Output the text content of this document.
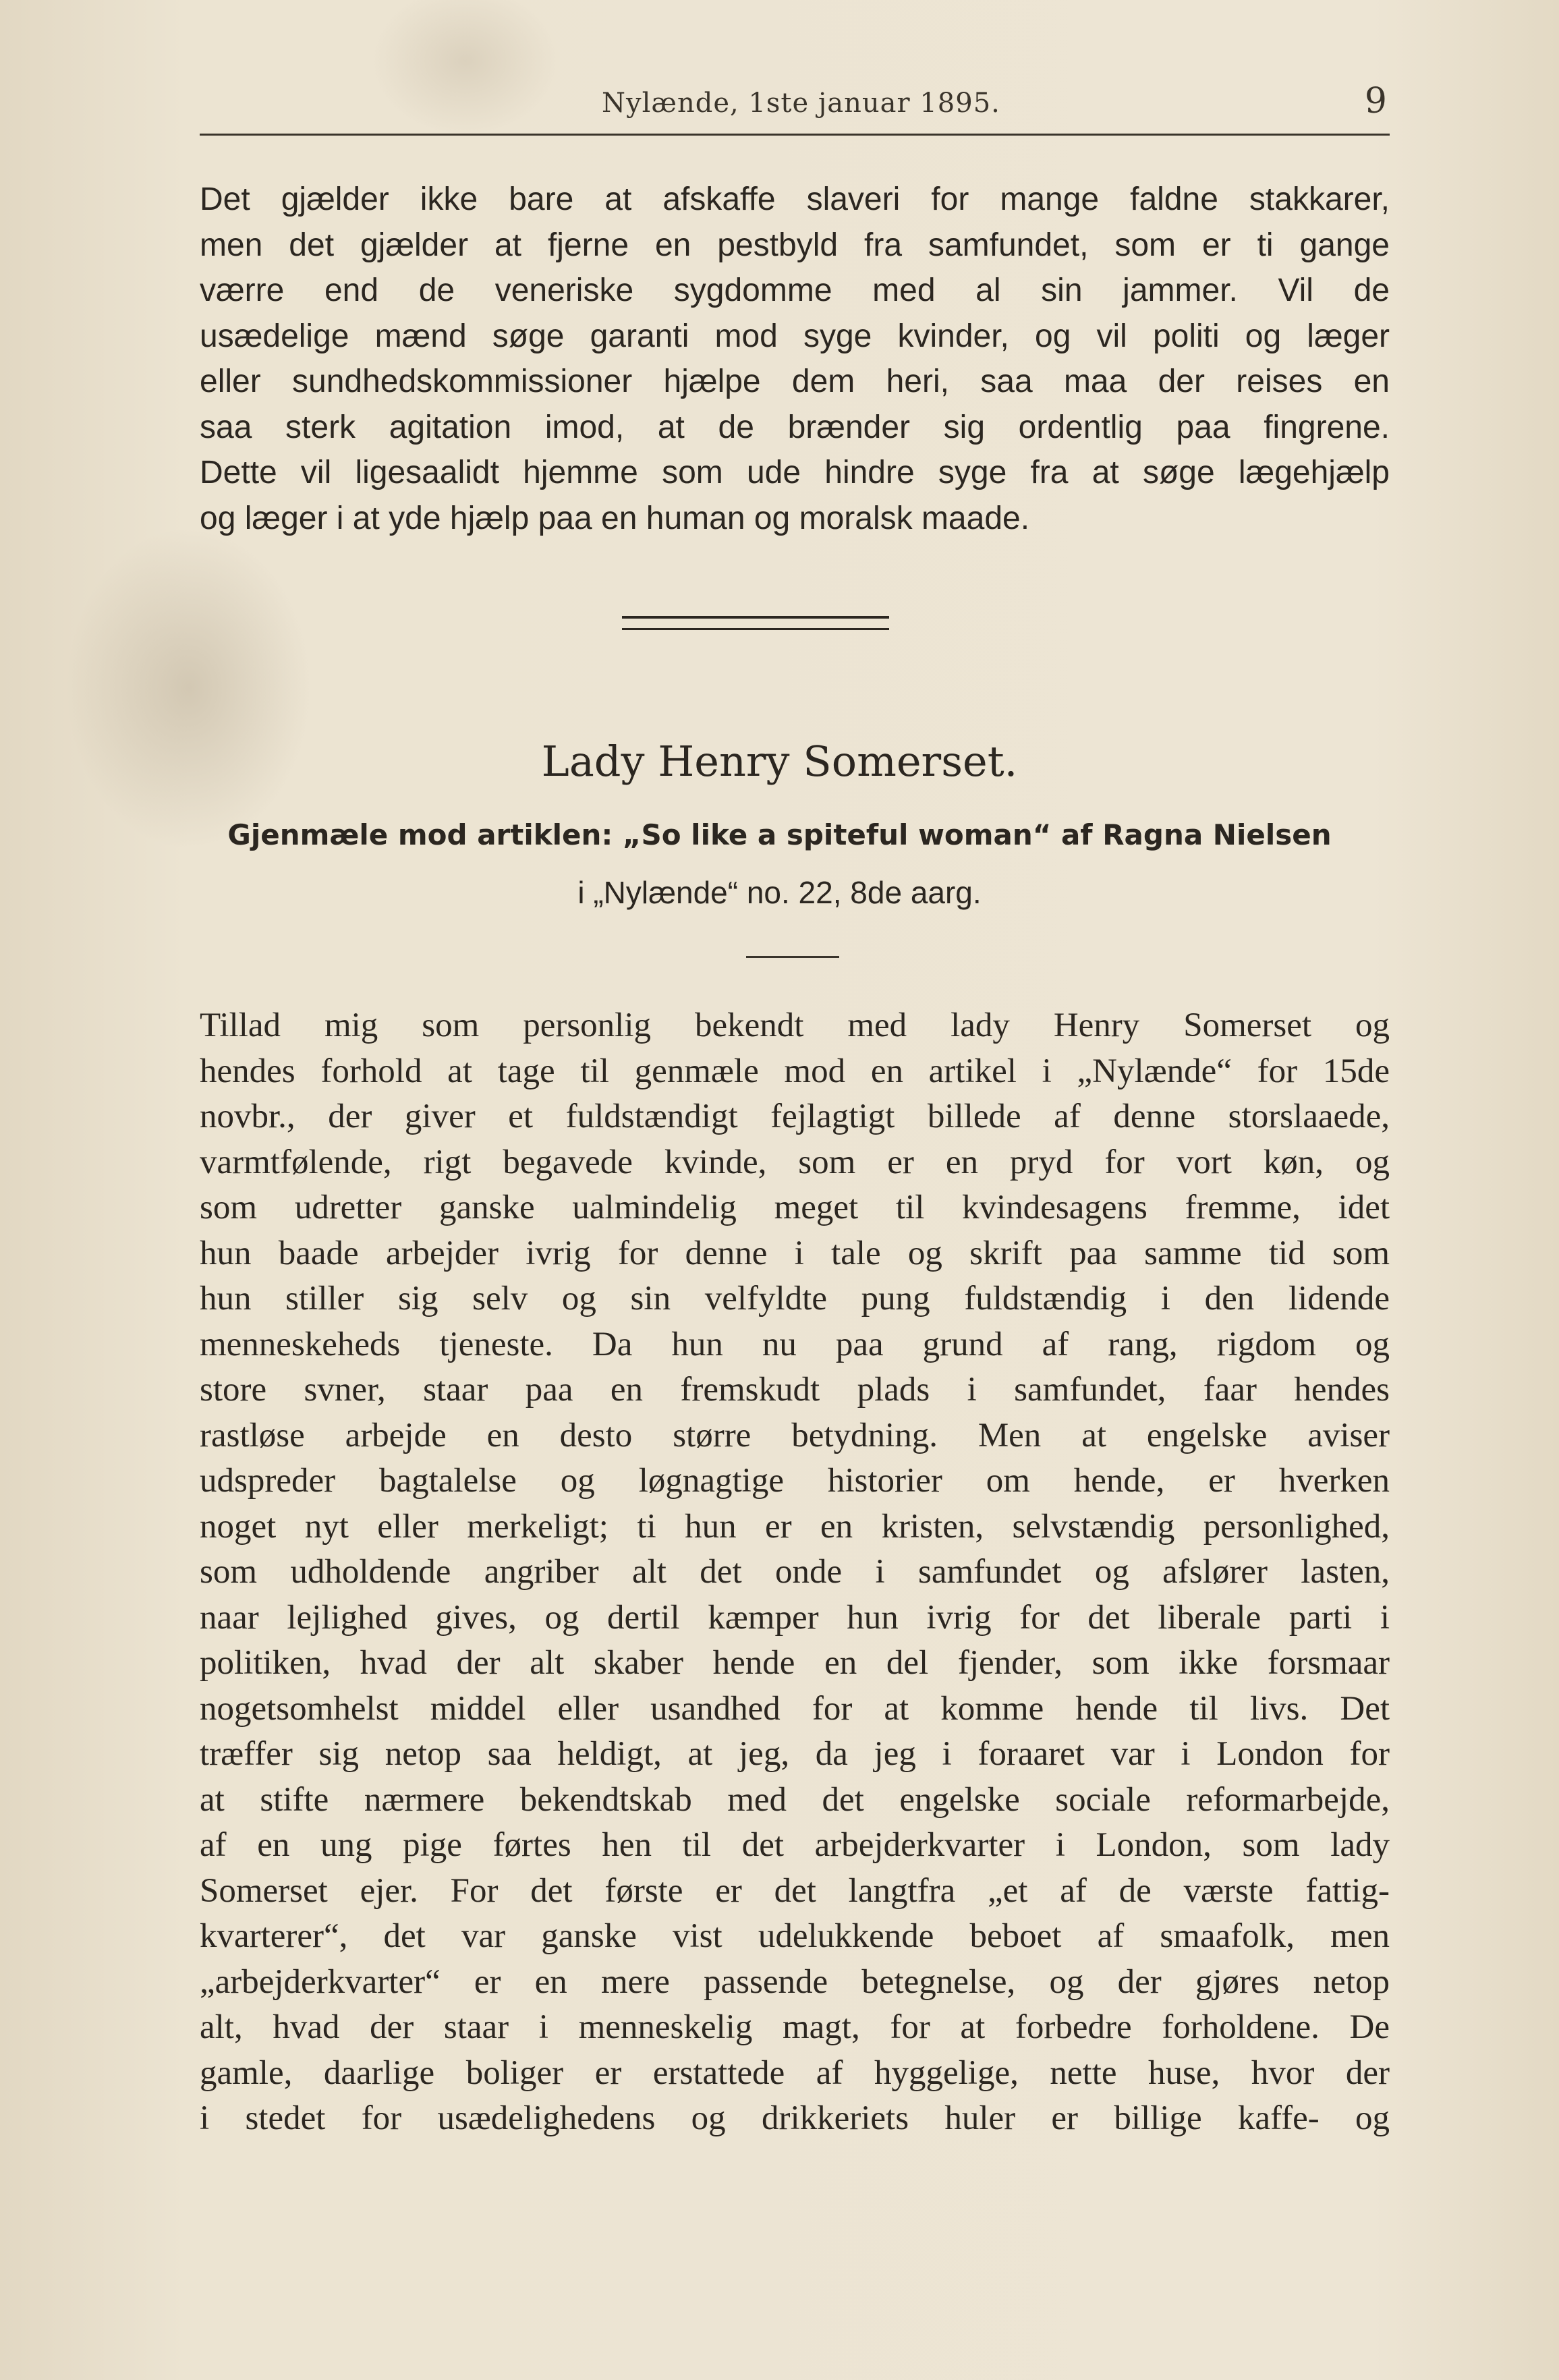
Nylænde, 1ste januar 1895.	9
Det gjælder ikke bare at afskaffe slaveri for mange faldne stakkarer,
men det gjælder at fjerne en pestbyld fra samfundet, som er ti gange
værre end de veneriske sygdomme med al sin jammer. Vil de
usædelige mænd søge garanti mod syge kvinder, og vil politi og læger
eller sundhedskommissioner hjælpe dem heri, saa maa der reises en
saa sterk agitation imod, at de brænder sig ordentlig paa fingrene.
Dette vil ligesaalidt hjemme som ude hindre syge fra at søge lægehjælp
og læger i at yde hjælp paa en human og moralsk maade.
Lady Henry Somerset.
Gjenmæle mod artiklen: „So like a spiteful woman“ af Ragna Nielsen
i „Nylænde“ no. 22, 8de aarg.
Tillad mig som personlig bekendt med lady Henry Somerset og
hendes forhold at tage til genmæle mod en artikel i „Nylænde“ for 15de
novbr., der giver et fuldstændigt fejlagtigt billede af denne storslaaede,
varmtfølende, rigt begavede kvinde, som er en pryd for vort køn, og
som udretter ganske ualmindelig meget til kvindesagens fremme, idet
hun baade arbejder ivrig for denne i tale og skrift paa samme tid som
hun stiller sig selv og sin velfyldte pung fuldstændig i den lidende
menneskeheds tjeneste. Da hun nu paa grund af rang, rigdom og
store svner, staar paa en fremskudt plads i samfundet, faar hendes
rastløse arbejde en desto større betydning. Men at engelske aviser
udspreder bagtalelse og løgnagtige historier om hende, er hverken
noget nyt eller merkeligt; ti hun er en kristen, selvstændig personlighed,
som udholdende angriber alt det onde i samfundet og afslører lasten,
naar lejlighed gives, og dertil kæmper hun ivrig for det liberale parti i
politiken, hvad der alt skaber hende en del fjender, som ikke forsmaar
nogetsomhelst middel eller usandhed for at komme hende til livs. Det
træffer sig netop saa heldigt, at jeg, da jeg i foraaret var i London for
at stifte nærmere bekendtskab med det engelske sociale reformarbejde,
af en ung pige førtes hen til det arbejderkvarter i London, som lady
Somerset ejer. For det første er det langtfra „et af de værste fattig-
kvarterer“, det var ganske vist udelukkende beboet af smaafolk, men
„arbejderkvarter“ er en mere passende betegnelse, og der gjøres netop
alt, hvad der staar i menneskelig magt, for at forbedre forholdene. De
gamle, daarlige boliger er erstattede af hyggelige, nette huse, hvor der
i stedet for usædelighedens og drikkeriets huler er billige kaffe- og
